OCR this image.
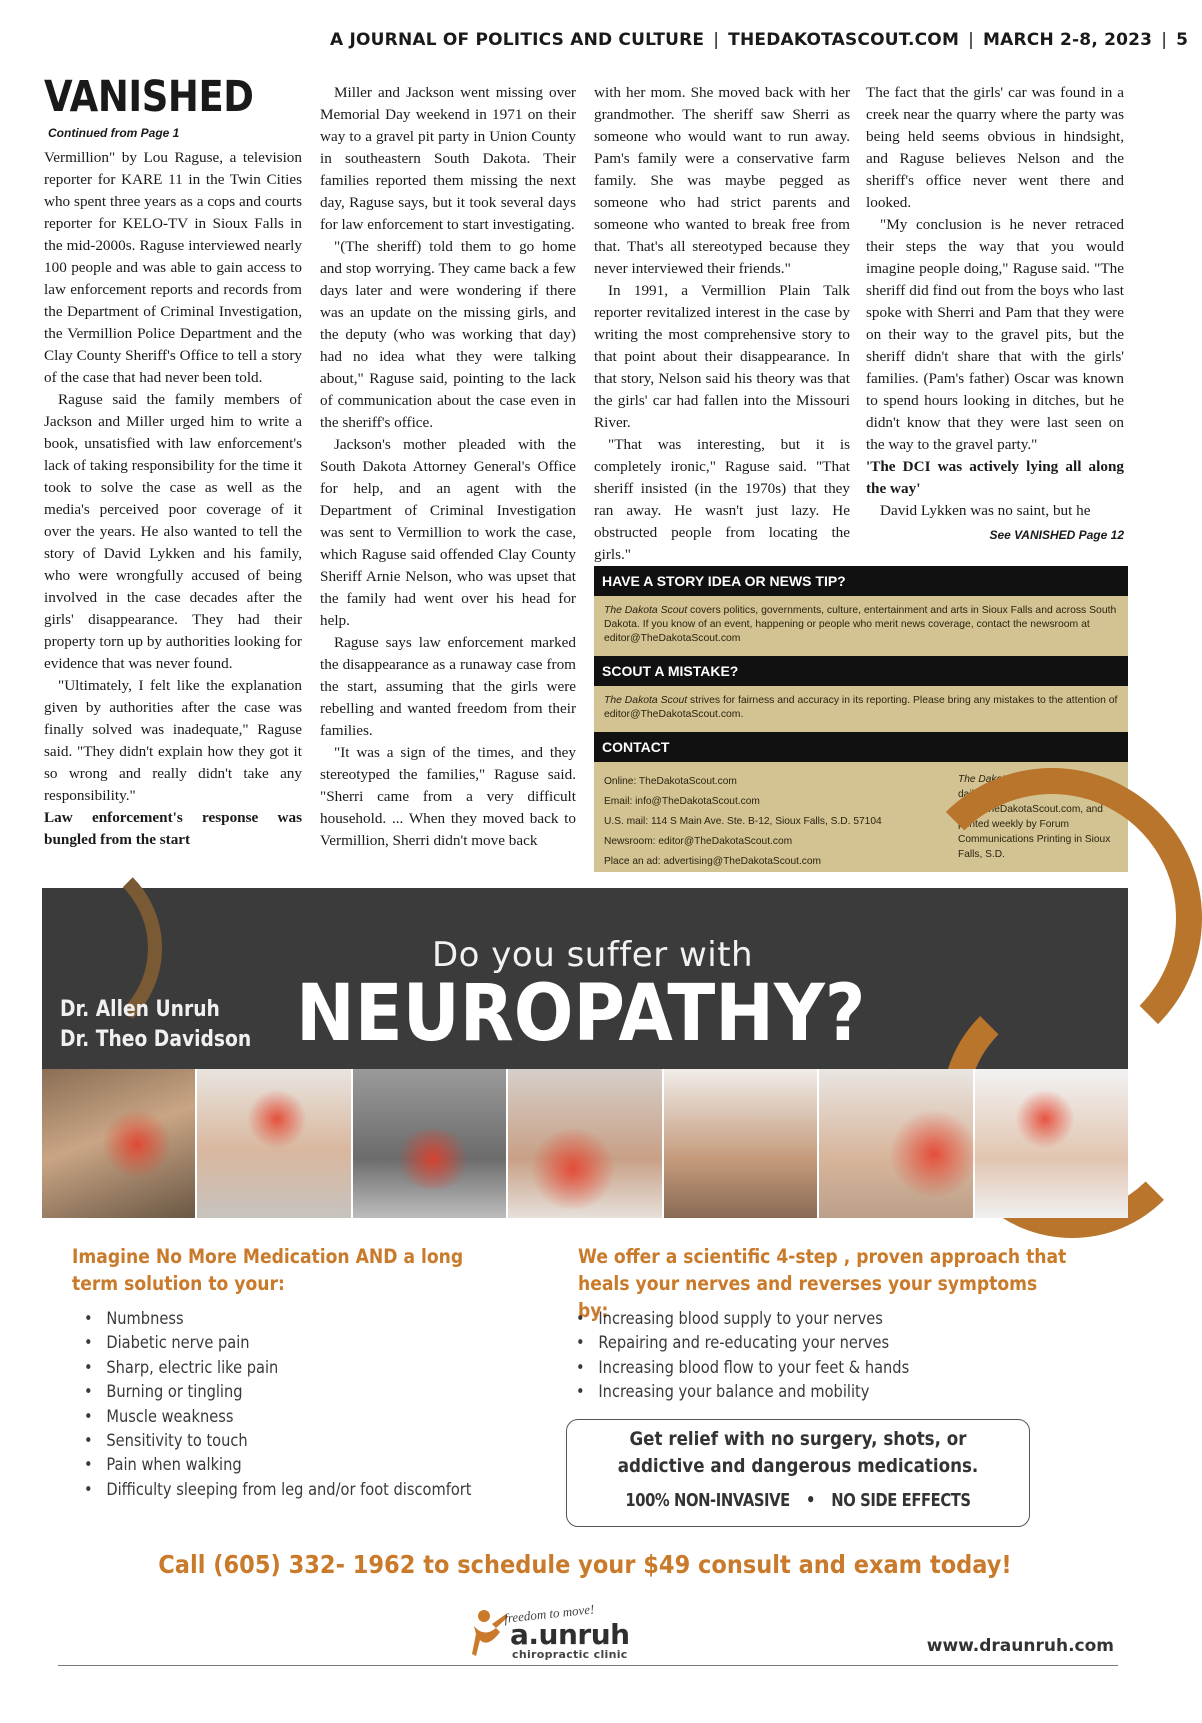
A JOURNAL OF POLITICS AND CULTURE | THEDAKOTASCOUT.COM | MARCH 2-8, 2023 | 5
VANISHED
Continued from Page 1

Vermillion" by Lou Raguse, a television reporter for KARE 11 in the Twin Cities who spent three years as a cops and courts reporter for KELO-TV in Sioux Falls in the mid-2000s. Raguse interviewed nearly 100 people and was able to gain access to law enforcement reports and records from the Department of Criminal Investigation, the Vermillion Police Department and the Clay County Sheriff's Office to tell a story of the case that had never been told.

Raguse said the family members of Jackson and Miller urged him to write a book, unsatisfied with law enforcement's lack of taking responsibility for the time it took to solve the case as well as the media's perceived poor coverage of it over the years. He also wanted to tell the story of David Lykken and his family, who were wrongfully accused of being involved in the case decades after the girls' disappearance. They had their property torn up by authorities looking for evidence that was never found.

"Ultimately, I felt like the explanation given by authorities after the case was finally solved was inadequate," Raguse said. "They didn't explain how they got it so wrong and really didn't take any responsibility."

Law enforcement's response was bungled from the start

Miller and Jackson went missing over Memorial Day weekend in 1971 on their way to a gravel pit party in Union County in southeastern South Dakota. Their families reported them missing the next day, Raguse says, but it took several days for law enforcement to start investigating.

"(The sheriff) told them to go home and stop worrying. They came back a few days later and were wondering if there was an update on the missing girls, and the deputy (who was working that day) had no idea what they were talking about," Raguse said, pointing to the lack of communication about the case even in the sheriff's office.

Jackson's mother pleaded with the South Dakota Attorney General's Office for help, and an agent with the Department of Criminal Investigation was sent to Vermillion to work the case, which Raguse said offended Clay County Sheriff Arnie Nelson, who was upset that the family had went over his head for help.

Raguse says law enforcement marked the disappearance as a runaway case from the start, assuming that the girls were rebelling and wanted freedom from their families.

"It was a sign of the times, and they stereotyped the families," Raguse said. "Sherri came from a very difficult household. ... When they moved back to Vermillion, Sherri didn't move back

with her mom. She moved back with her grandmother. The sheriff saw Sherri as someone who would want to run away. Pam's family were a conservative farm family. She was maybe pegged as someone who had strict parents and someone who wanted to break free from that. That's all stereotyped because they never interviewed their friends."

In 1991, a Vermillion Plain Talk reporter revitalized interest in the case by writing the most comprehensive story to that point about their disappearance. In that story, Nelson said his theory was that the girls' car had fallen into the Missouri River.

"That was interesting, but it is completely ironic," Raguse said. "That sheriff insisted (in the 1970s) that they ran away. He wasn't just lazy. He obstructed people from locating the girls."

The fact that the girls' car was found in a creek near the quarry where the party was being held seems obvious in hindsight, and Raguse believes Nelson and the sheriff's office never went there and looked.

"My conclusion is he never retraced their steps the way that you would imagine people doing," Raguse said. "The sheriff did find out from the boys who last spoke with Sherri and Pam that they were on their way to the gravel pits, but the sheriff didn't share that with the girls' families. (Pam's father) Oscar was known to spend hours looking in ditches, but he didn't know that they were last seen on the way to the gravel party."

'The DCI was actively lying all along the way'

David Lykken was no saint, but he

See VANISHED Page 12
HAVE A STORY IDEA OR NEWS TIP?
The Dakota Scout covers politics, governments, culture, entertainment and arts in Sioux Falls and across South Dakota. If you know of an event, happening or people who merit news coverage, contact the newsroom at editor@TheDakotaScout.com
SCOUT A MISTAKE?
The Dakota Scout strives for fairness and accuracy in its reporting. Please bring any mistakes to the attention of editor@TheDakotaScout.com.
CONTACT
Online: TheDakotaScout.com
Email: info@TheDakotaScout.com
U.S. mail: 114 S Main Ave. Ste. B-12, Sioux Falls, S.D. 57104
Newsroom: editor@TheDakotaScout.com
Place an ad: advertising@TheDakotaScout.com
The Dakota Scout is published daily online at www.TheDakotaScout.com, and printed weekly by Forum Communications Printing in Sioux Falls, S.D.
Do you suffer with
NEUROPATHY?
Dr. Allen Unruh
Dr. Theo Davidson
Imagine No More Medication AND a long term solution to your:
We offer a scientific 4-step , proven approach that heals your nerves and reverses your symptoms by:
• Numbness
• Diabetic nerve pain
• Sharp, electric like pain
• Burning or tingling
• Muscle weakness
• Sensitivity to touch
• Pain when walking
• Difficulty sleeping from leg and/or foot discomfort
• Increasing blood supply to your nerves
• Repairing and re-educating your nerves
• Increasing blood flow to your feet & hands
• Increasing your balance and mobility
Get relief with no surgery, shots, or addictive and dangerous medications.
100% NON-INVASIVE • NO SIDE EFFECTS
Call (605) 332- 1962 to schedule your $49 consult and exam today!
freedom to move!
a.unruh
chiropractic clinic	www.draunruh.com
